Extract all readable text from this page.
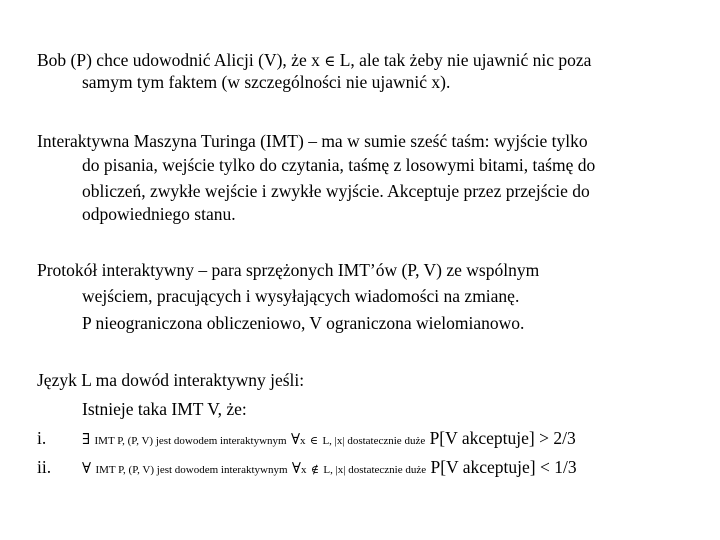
Bob (P) chce udowodnić Alicji (V), że x ∈ L, ale tak żeby nie ujawnić nic poza
samym tym faktem (w szczególności nie ujawnić x).
Interaktywna Maszyna Turinga (IMT) – ma w sumie sześć taśm: wyjście tylko
do pisania, wejście tylko do czytania, taśmę z losowymi bitami, taśmę do
obliczeń, zwykłe wejście i zwykłe wyjście. Akceptuje przez przejście do
odpowiedniego stanu.
Protokół interaktywny – para sprzężonych IMT’ów (P, V) ze wspólnym
wejściem, pracujących i wysyłających wiadomości na zmianę.
P nieograniczona obliczeniowo, V ograniczona wielomianowo.
Język L ma dowód interaktywny jeśli:
Istnieje taka IMT V, że:
i. ∃ IMT P, (P, V) jest dowodem interaktywnym ∀x ∈ L, |x| dostatecznie duże P[V akceptuje] > 2/3
ii. ∀ IMT P, (P, V) jest dowodem interaktywnym ∀x ∉ L, |x| dostatecznie duże P[V akceptuje] < 1/3
